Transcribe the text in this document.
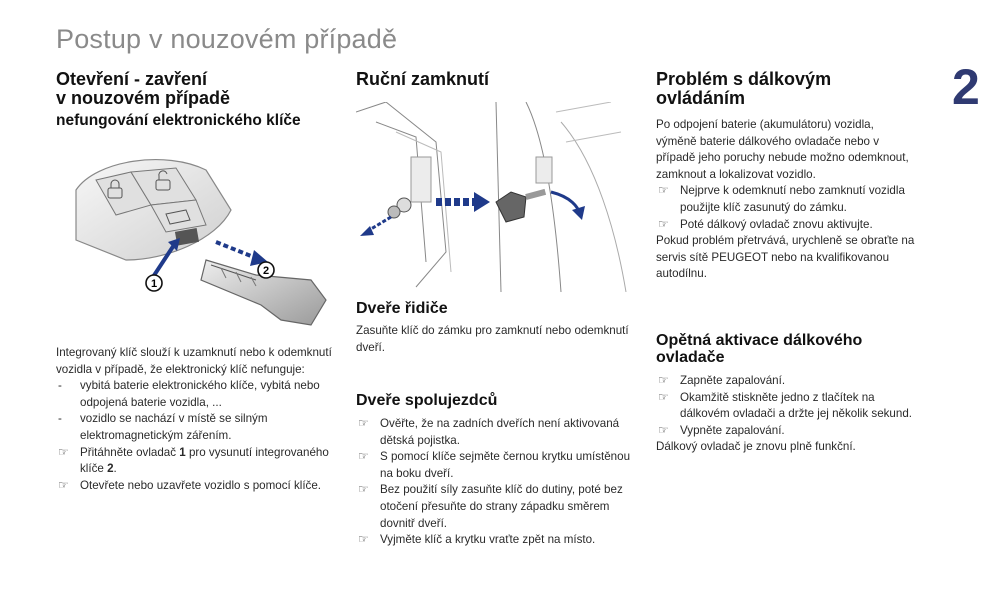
Postup v nouzovém případě
2
Otevření - zavření
v nouzovém případě
nefungování elektronického klíče
1
2

Integrovaný klíč slouží k uzamknutí nebo k odemknutí vozidla v případě, že elektronický klíč nefunguje:

- vybitá baterie elektronického klíče, vybitá nebo odpojená baterie vozidla, ...
- vozidlo se nachází v místě se silným elektromagnetickým zářením.
☞ Přitáhněte ovladač 1 pro vysunutí integrovaného klíče 2.
☞ Otevřete nebo uzavřete vozidlo s pomocí klíče.
Ruční zamknutí
Dveře řidiče

Zasuňte klíč do zámku pro zamknutí nebo odemknutí dveří.

Dveře spolujezdců
☞ Ověřte, že na zadních dveřích není aktivovaná dětská pojistka.
☞ S pomocí klíče sejměte černou krytku umístěnou na boku dveří.
☞ Bez použití síly zasuňte klíč do dutiny, poté bez otočení přesuňte do strany západku směrem dovnitř dveří.
☞ Vyjměte klíč a krytku vraťte zpět na místo.
Problém s dálkovým
ovládáním

Po odpojení baterie (akumulátoru) vozidla, výměně baterie dálkového ovladače nebo v případě jeho poruchy nebude možno odemknout, zamknout a lokalizovat vozidlo.

☞ Nejprve k odemknutí nebo zamknutí vozidla použijte klíč zasunutý do zámku.
☞ Poté dálkový ovladač znovu aktivujte.

Pokud problém přetrvává, urychleně se obraťte na servis sítě PEUGEOT nebo na kvalifikovanou autodílnu.

Opětná aktivace dálkového
ovladače
☞ Zapněte zapalování.
☞ Okamžitě stiskněte jedno z tlačítek na dálkovém ovladači a držte jej několik sekund.
☞ Vypněte zapalování.

Dálkový ovladač je znovu plně funkční.
